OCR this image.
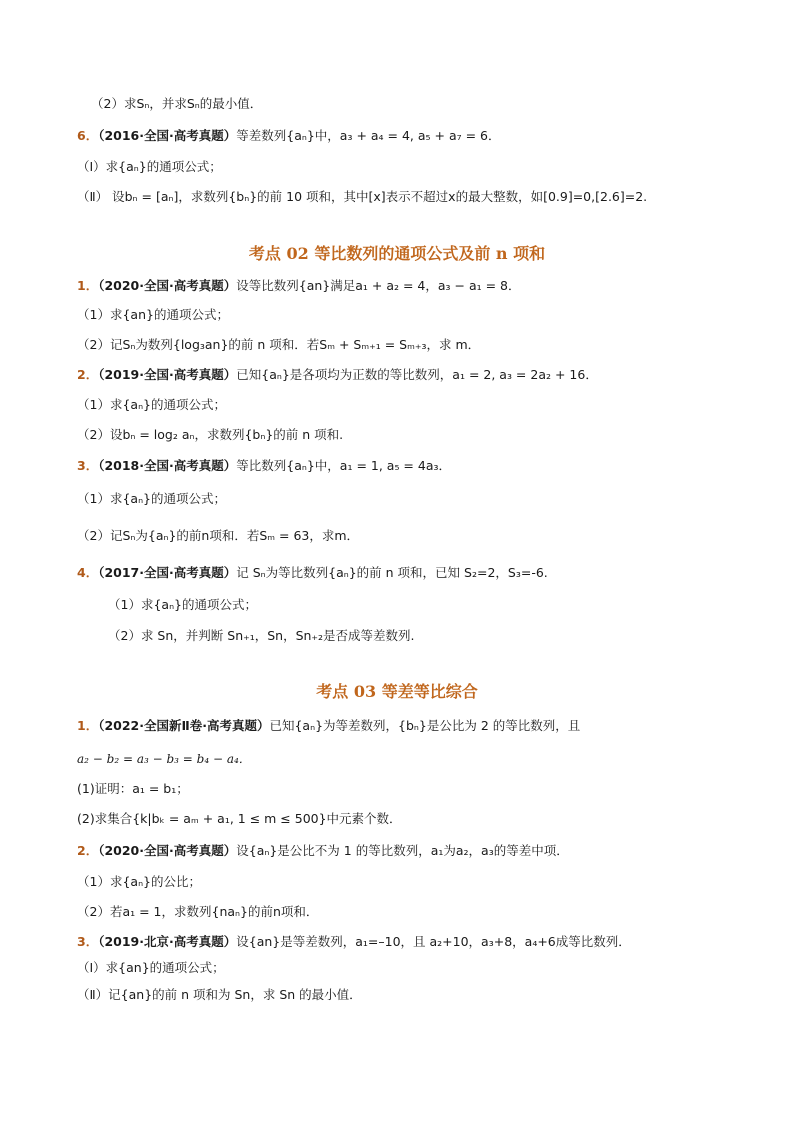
（2）求Sₙ，并求Sₙ的最小值．
6．（2016·全国·高考真题）等差数列{aₙ}中，a₃ + a₄ = 4, a₅ + a₇ = 6．
（Ⅰ）求{aₙ}的通项公式；
（Ⅱ） 设bₙ = [aₙ]，求数列{bₙ}的前 10 项和，其中[x]表示不超过x的最大整数，如[0.9]=0,[2.6]=2.
考点 02 等比数列的通项公式及前 n 项和
1．（2020·全国·高考真题）设等比数列{an}满足a₁ + a₂ = 4，a₃ − a₁ = 8．
（1）求{an}的通项公式；
（2）记Sₙ为数列{log₃an}的前 n 项和．若Sₘ + Sₘ₊₁ = Sₘ₊₃，求 m．
2．（2019·全国·高考真题）已知{aₙ}是各项均为正数的等比数列，a₁ = 2, a₃ = 2a₂ + 16．
（1）求{aₙ}的通项公式；
（2）设bₙ = log₂ aₙ，求数列{bₙ}的前 n 项和.
3．（2018·全国·高考真题）等比数列{aₙ}中，a₁ = 1, a₅ = 4a₃．
（1）求{aₙ}的通项公式；
（2）记Sₙ为{aₙ}的前n项和．若Sₘ = 63，求m．
4．（2017·全国·高考真题）记 Sₙ为等比数列{aₙ}的前 n 项和，已知 S₂=2，S₃=-6.
（1）求{aₙ}的通项公式；
（2）求 Sn，并判断 Sn₊₁，Sn，Sn₊₂是否成等差数列.
考点 03 等差等比综合
1．（2022·全国新Ⅱ卷·高考真题）已知{aₙ}为等差数列，{bₙ}是公比为 2 的等比数列，且
a₂ − b₂ = a₃ − b₃ = b₄ − a₄．
(1)证明：a₁ = b₁；
(2)求集合{k|bₖ = aₘ + a₁, 1 ≤ m ≤ 500}中元素个数．
2．（2020·全国·高考真题）设{aₙ}是公比不为 1 的等比数列，a₁为a₂，a₃的等差中项．
（1）求{aₙ}的公比；
（2）若a₁ = 1，求数列{naₙ}的前n项和．
3．（2019·北京·高考真题）设{an}是等差数列，a₁=–10，且 a₂+10，a₃+8，a₄+6成等比数列．
（Ⅰ）求{an}的通项公式；
（Ⅱ）记{an}的前 n 项和为 Sn，求 Sn 的最小值．
